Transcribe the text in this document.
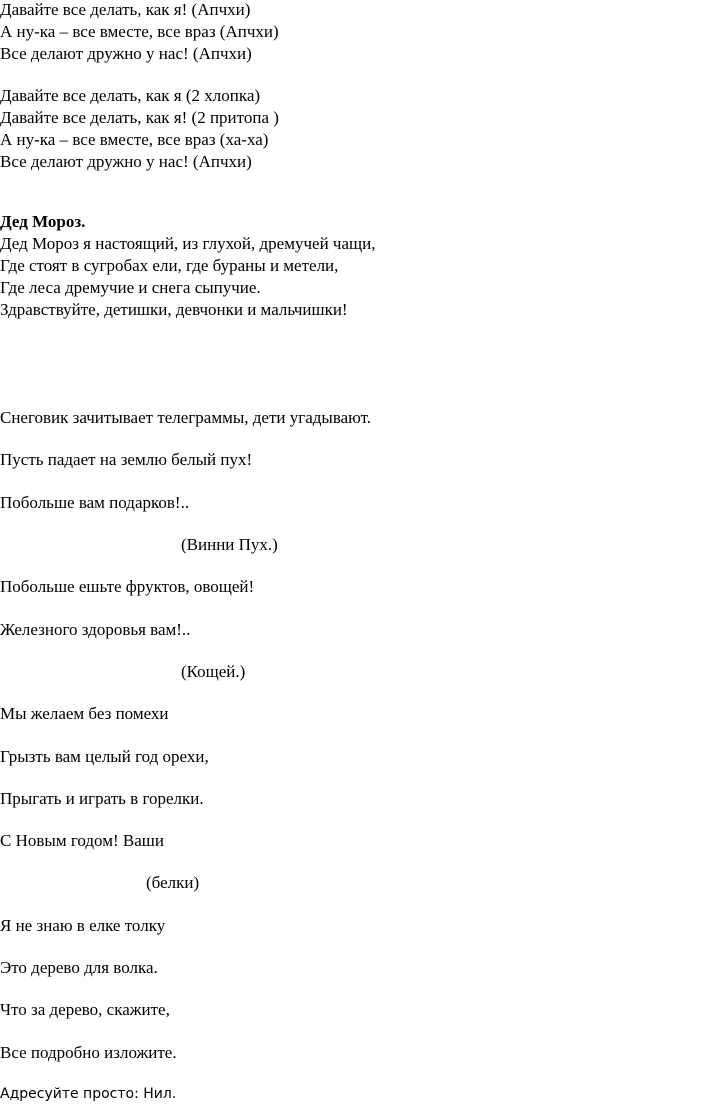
Давайте все делать, как я! (Апчхи)
А ну-ка – все вместе, все враз (Апчхи)
Все делают дружно у нас! (Апчхи)
Давайте все делать, как я (2 хлопка)
Давайте все делать, как я! (2 притопа )
А ну-ка – все вместе, все враз (ха-ха)
Все делают дружно у нас! (Апчхи)
Дед Мороз.
Дед Мороз я настоящий, из глухой, дремучей чащи,
Где стоят в сугробах ели, где бураны и метели,
Где леса дремучие и снега сыпучие.
Здравствуйте, детишки, девчонки и мальчишки!
Снеговик зачитывает телеграммы, дети угадывают.
Пусть падает на землю белый пух!
Побольше вам подарков!..
(Винни Пух.)
Побольше ешьте фруктов, овощей!
Железного здоровья вам!..
(Кощей.)
Мы желаем без помехи
Грызть вам целый год орехи,
Прыгать и играть в горелки.
С Новым годом! Ваши
(белки)
Я не знаю в елке толку
Это дерево для волка.
Что за дерево, скажите,
Все подробно изложите.
Адресуйте просто: Нил.
